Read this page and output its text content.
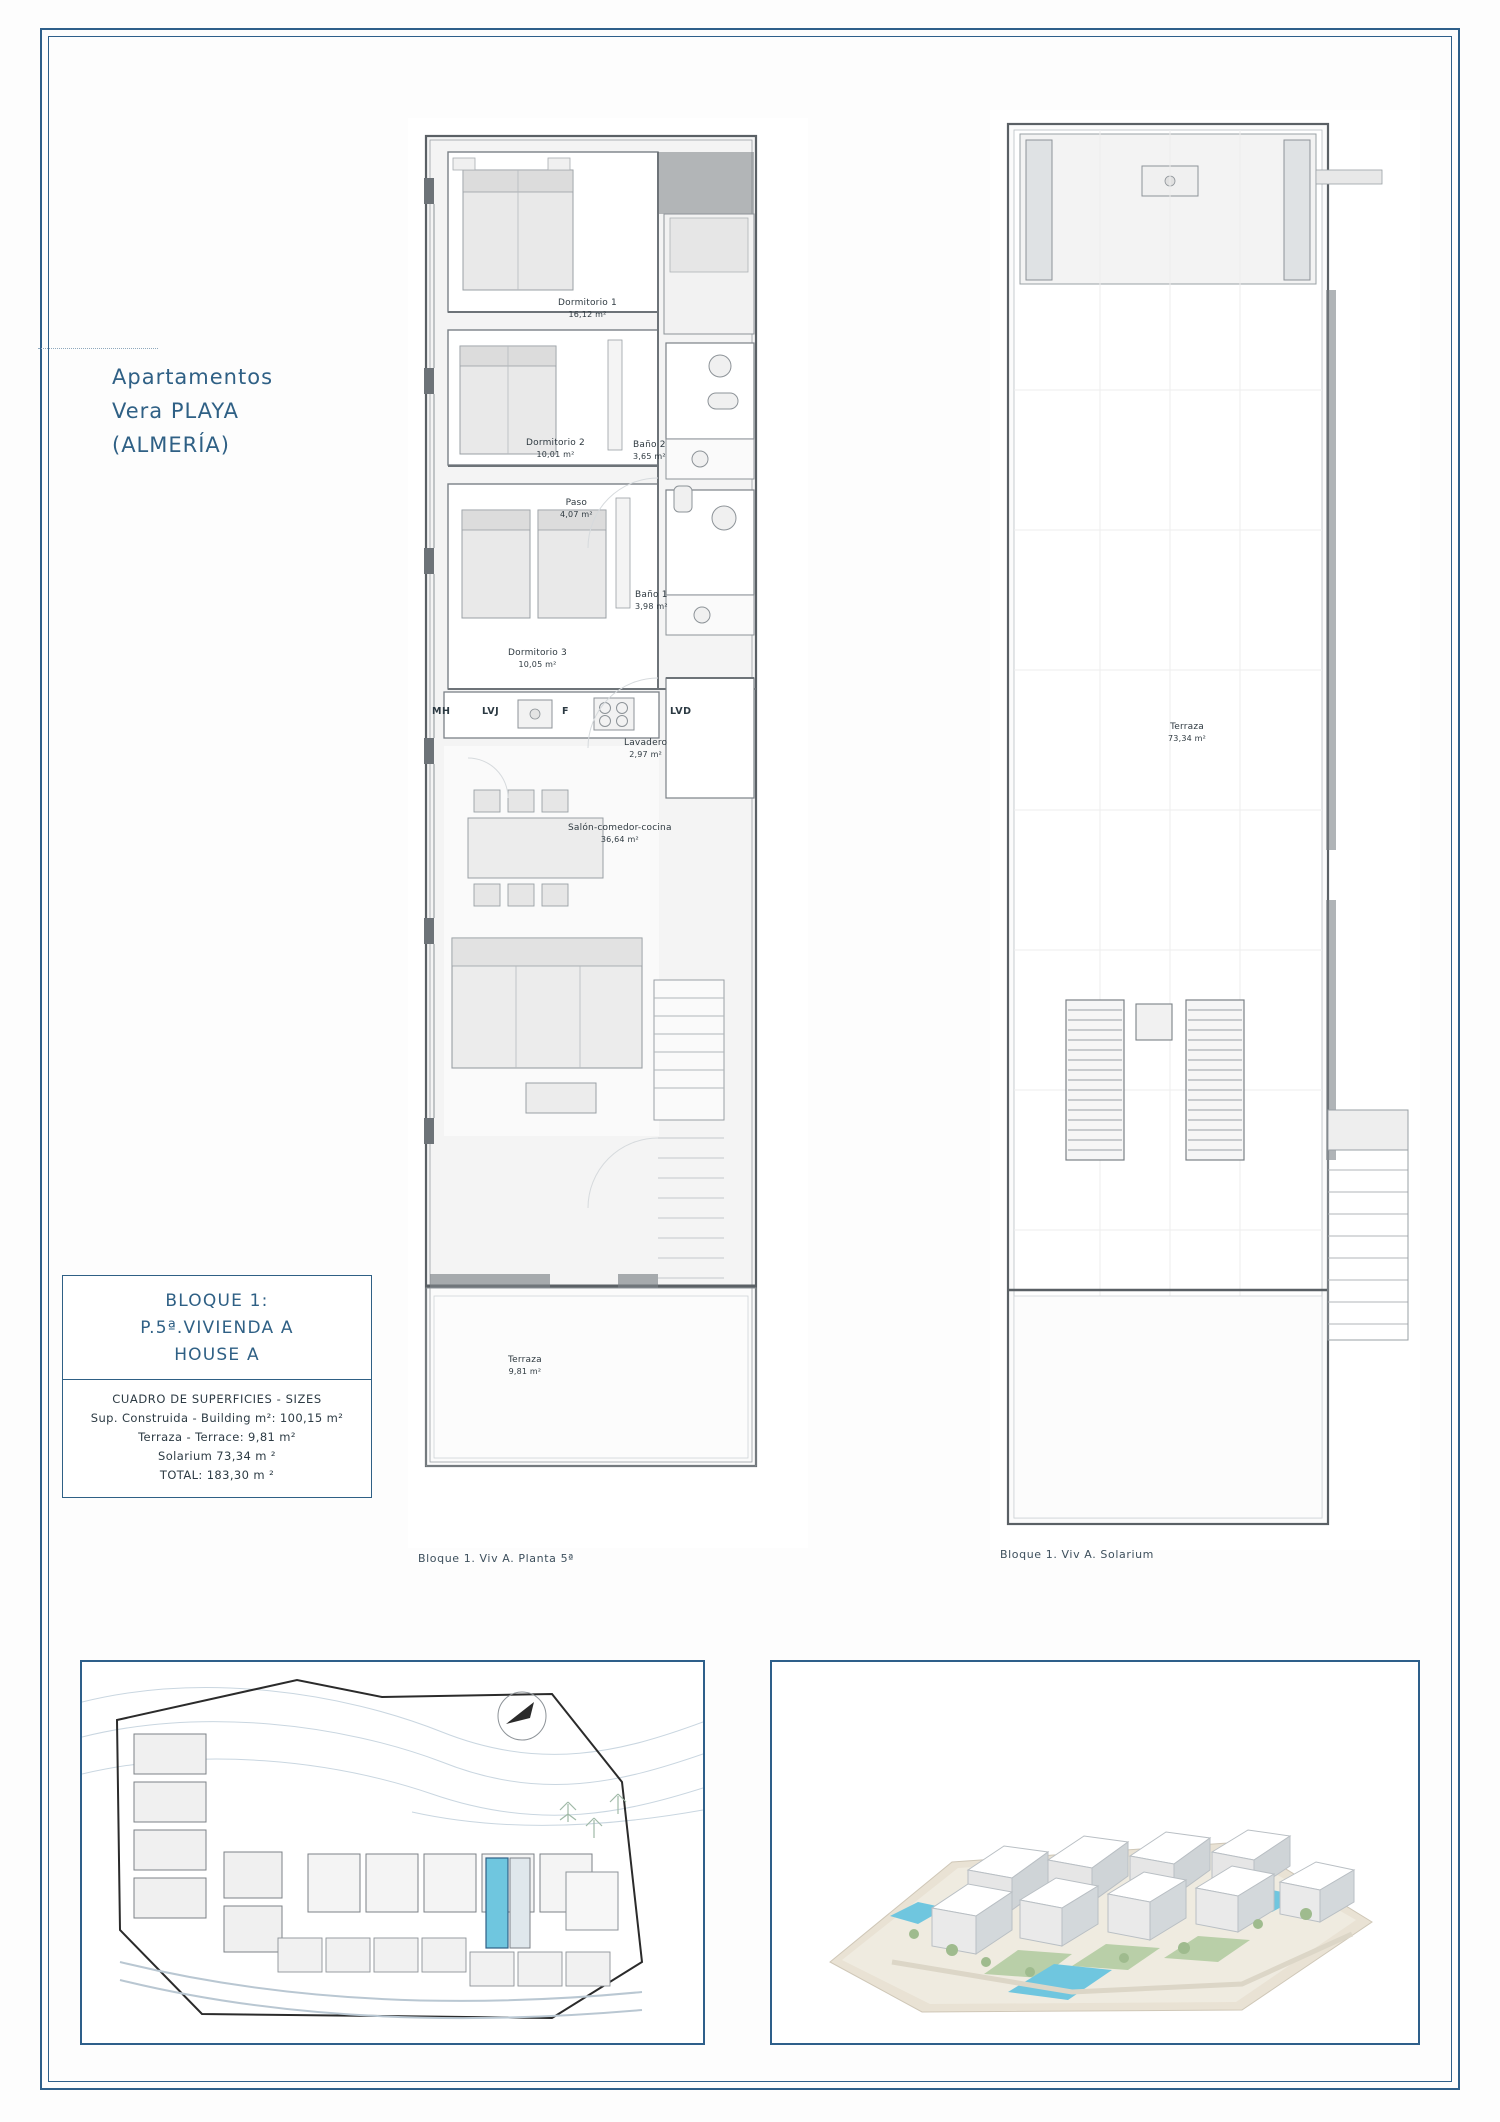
Apartamentos
Vera PLAYA
(ALMERÍA)
Dormitorio 1
16,12 m²
Dormitorio 2
10,01 m²
Dormitorio 3
10,05 m²
Paso
4,07 m²
Baño 2
3,65 m²
Baño 1
3,98 m²
Lavadero
2,97 m²
Salón-comedor-cocina
36,64 m²
Terraza
9,81 m²
MH	LVJ	F	LVD
Bloque 1. Viv A. Planta 5ª
Terraza
73,34 m²
Bloque 1. Viv A. Solarium
BLOQUE 1:
P.5ª.VIVIENDA A
HOUSE A
CUADRO DE SUPERFICIES - SIZES
Sup. Construida - Building m²: 100,15 m²
Terraza - Terrace: 9,81 m²
Solarium 73,34 m ²
TOTAL: 183,30 m ²
